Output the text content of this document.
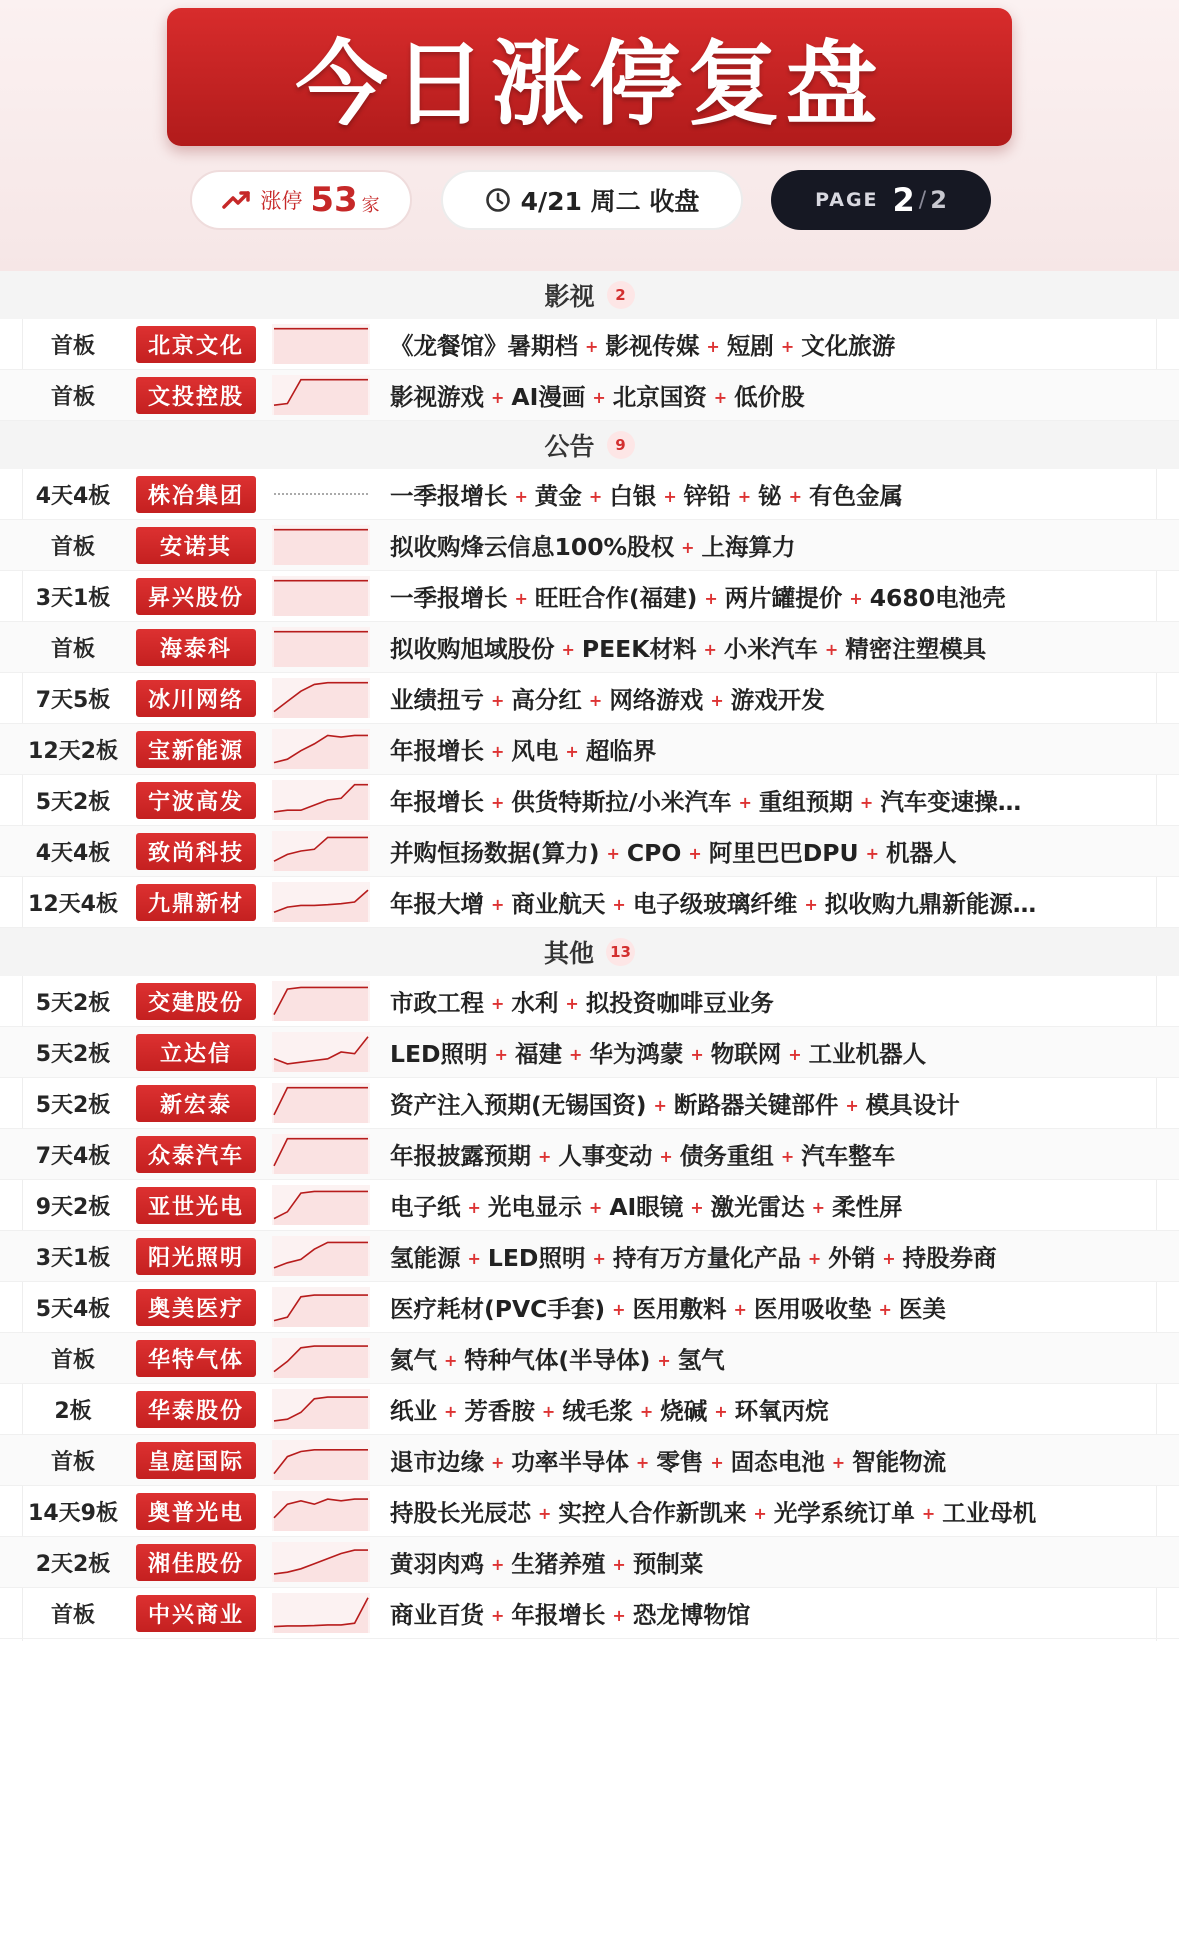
今日涨停复盘
涨停 53 家	4/21 周二 收盘	PAGE 2 / 2
影视	2
首板	北京文化	《龙餐馆》暑期档 + 影视传媒 + 短剧 + 文化旅游
首板	文投控股	影视游戏 + AI漫画 + 北京国资 + 低价股
公告	9
4天4板	株冶集团	一季报增长 + 黄金 + 白银 + 锌铅 + 铋 + 有色金属
首板	安诺其	拟收购烽云信息100%股权 + 上海算力
3天1板	昇兴股份	一季报增长 + 旺旺合作(福建) + 两片罐提价 + 4680电池壳
首板	海泰科	拟收购旭域股份 + PEEK材料 + 小米汽车 + 精密注塑模具
7天5板	冰川网络	业绩扭亏 + 高分红 + 网络游戏 + 游戏开发
12天2板	宝新能源	年报增长 + 风电 + 超临界
5天2板	宁波高发	年报增长 + 供货特斯拉/小米汽车 + 重组预期 + 汽车变速操…
4天4板	致尚科技	并购恒扬数据(算力) + CPO + 阿里巴巴DPU + 机器人
12天4板	九鼎新材	年报大增 + 商业航天 + 电子级玻璃纤维 + 拟收购九鼎新能源…
其他 13
5天2板	交建股份	市政工程 + 水利 + 拟投资咖啡豆业务
5天2板	立达信	LED照明 + 福建 + 华为鸿蒙 + 物联网 + 工业机器人
5天2板	新宏泰	资产注入预期(无锡国资) + 断路器关键部件 + 模具设计
7天4板	众泰汽车	年报披露预期 + 人事变动 + 债务重组 + 汽车整车
9天2板	亚世光电	电子纸 + 光电显示 + AI眼镜 + 激光雷达 + 柔性屏
3天1板	阳光照明	氢能源 + LED照明 + 持有万方量化产品 + 外销 + 持股券商
5天4板	奥美医疗	医疗耗材(PVC手套) + 医用敷料 + 医用吸收垫 + 医美
首板	华特气体	氦气 + 特种气体(半导体) + 氢气
2板	华泰股份	纸业 + 芳香胺 + 绒毛浆 + 烧碱 + 环氧丙烷
首板	皇庭国际	退市边缘 + 功率半导体 + 零售 + 固态电池 + 智能物流
14天9板	奥普光电	持股长光辰芯 + 实控人合作新凯来 + 光学系统订单 + 工业母机
2天2板	湘佳股份	黄羽肉鸡 + 生猪养殖 + 预制菜
首板	中兴商业	商业百货 + 年报增长 + 恐龙博物馆
